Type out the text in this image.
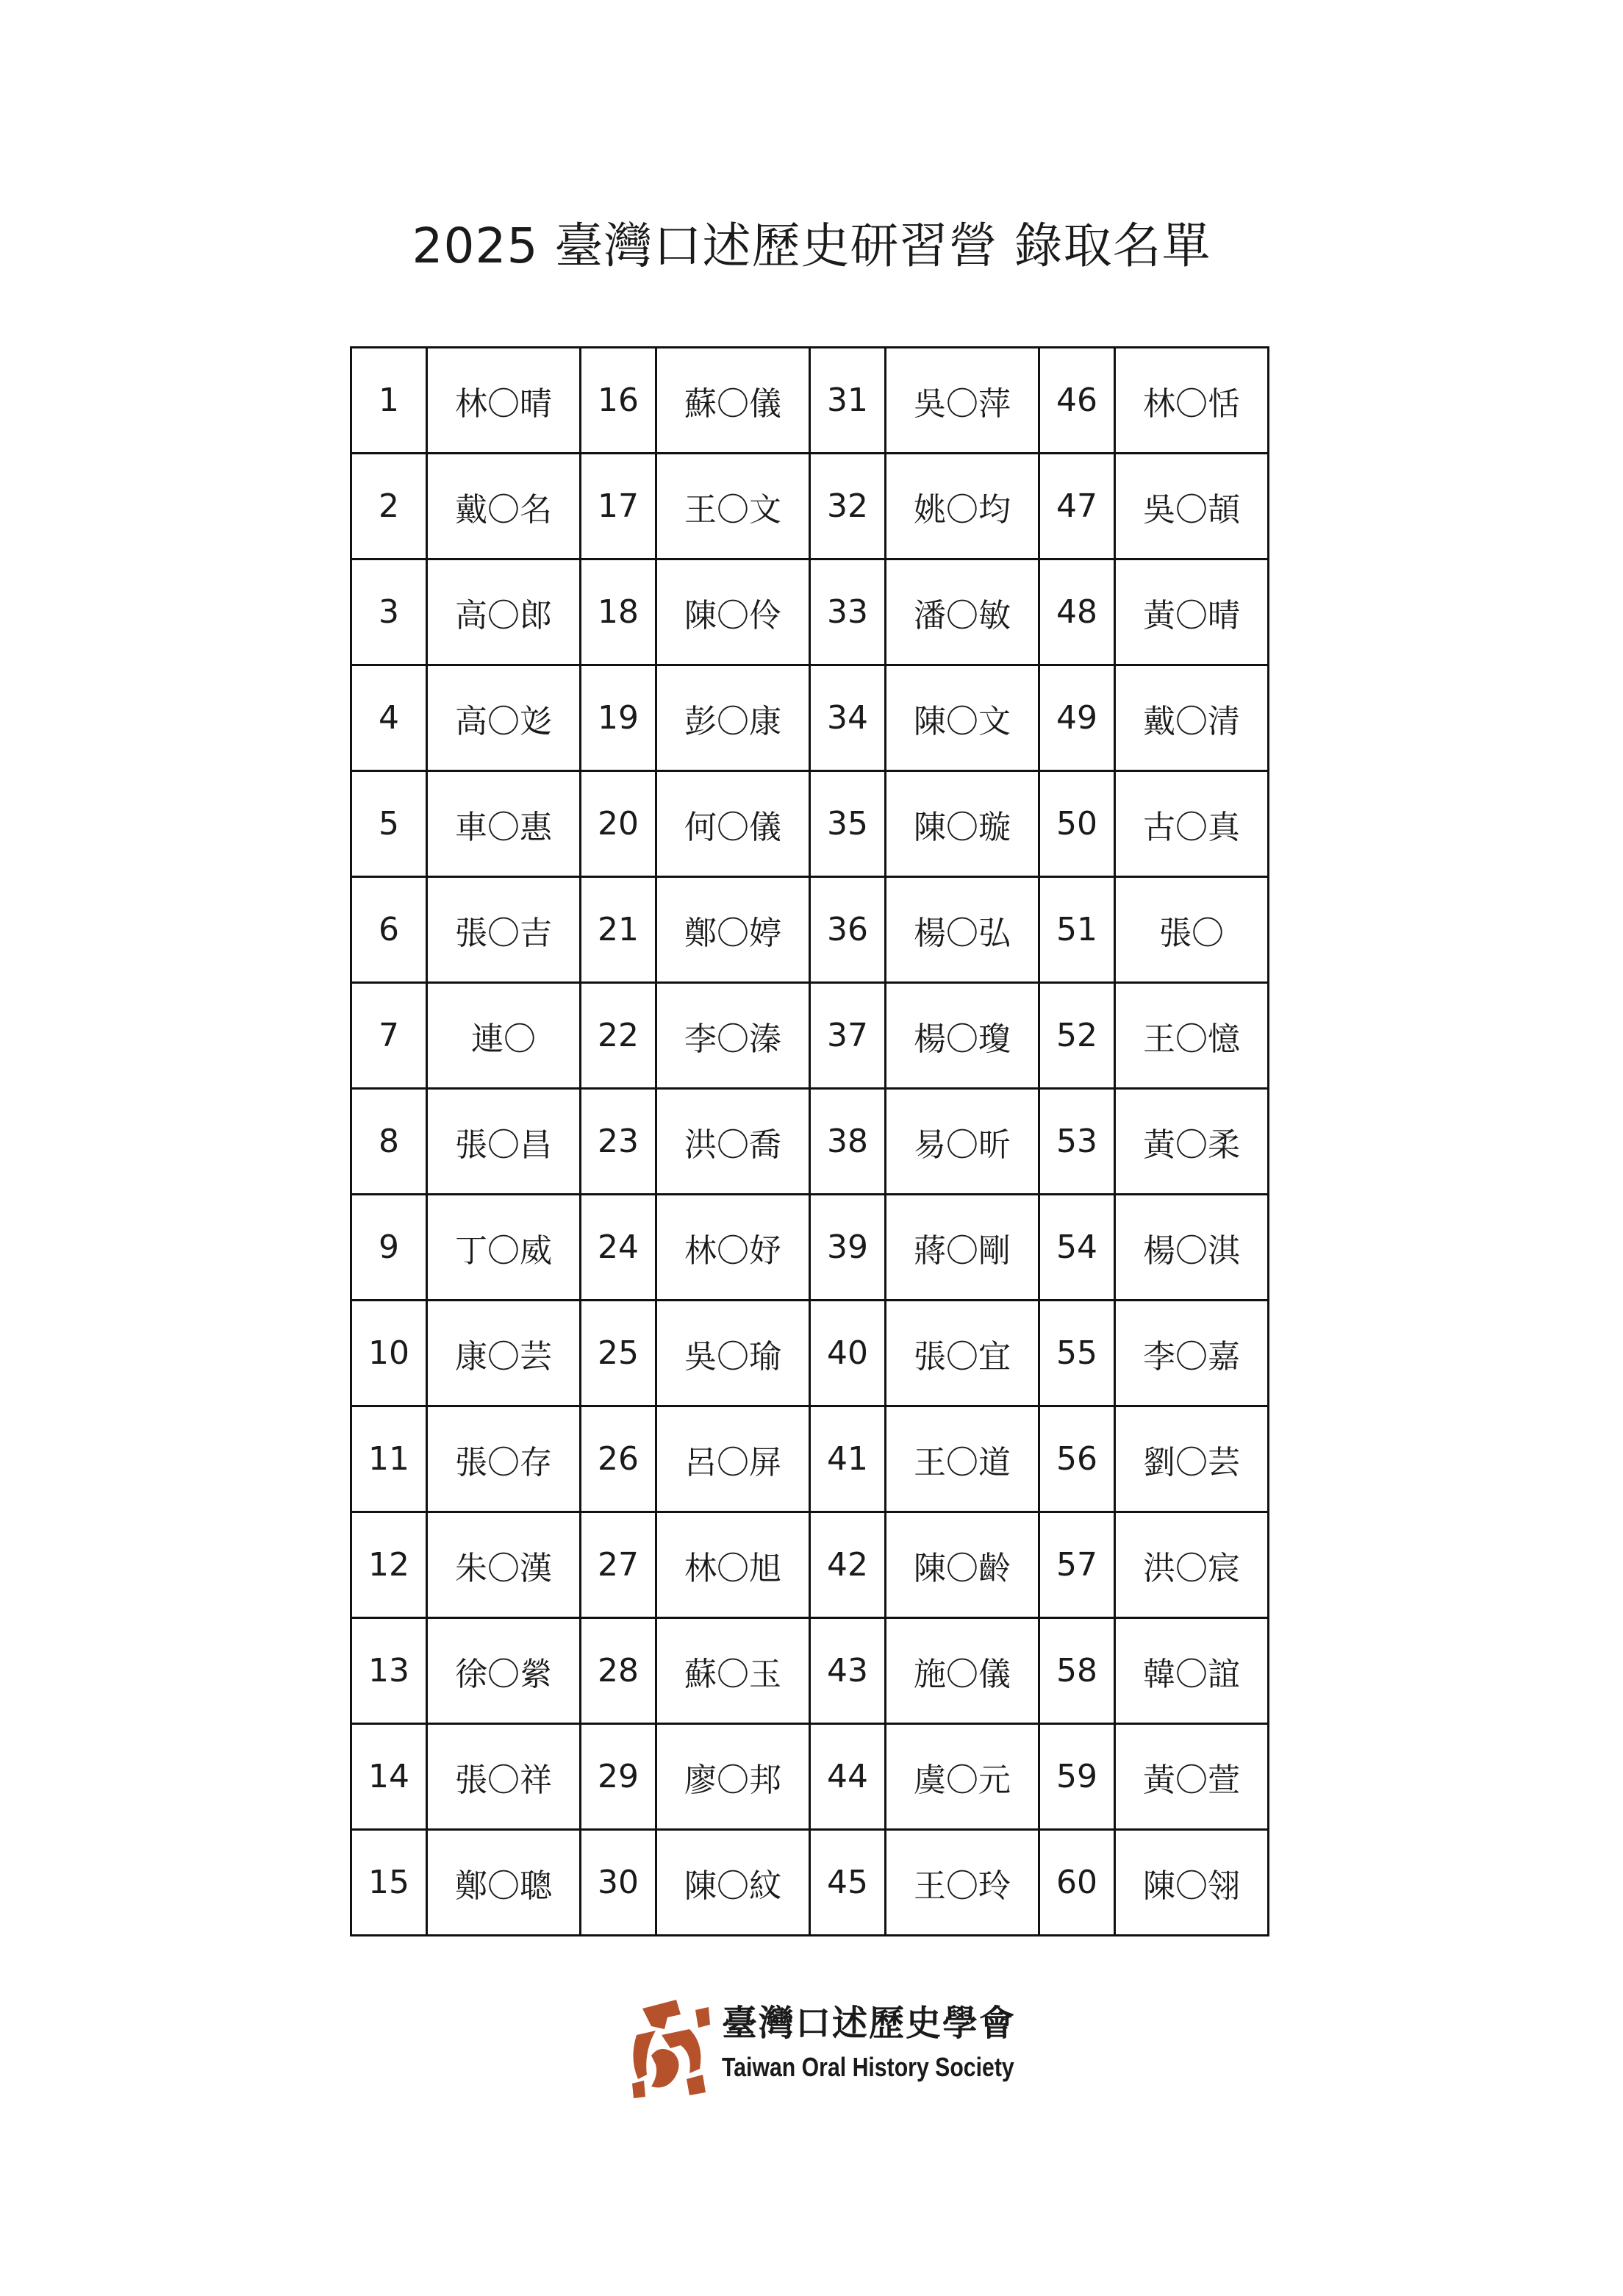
2025 臺灣口述歷史研習營 錄取名單
1	林〇晴	16	蘇〇儀	31	吳〇萍	46	林〇恬
2	戴〇名	17	王〇文	32	姚〇均	47	吳〇頡
3	高〇郎	18	陳〇伶	33	潘〇敏	48	黃〇晴
4	高〇彣	19	彭〇康	34	陳〇文	49	戴〇清
5	車〇惠	20	何〇儀	35	陳〇璇	50	古〇真
6	張〇吉	21	鄭〇婷	36	楊〇弘	51	張〇
7	連〇	22	李〇溱	37	楊〇瓊	52	王〇憶
8	張〇昌	23	洪〇喬	38	易〇昕	53	黃〇柔
9	丁〇威	24	林〇妤	39	蔣〇剛	54	楊〇淇
10	康〇芸	25	吳〇瑜	40	張〇宜	55	李〇嘉
11	張〇存	26	呂〇屏	41	王〇道	56	劉〇芸
12	朱〇漢	27	林〇旭	42	陳〇齡	57	洪〇宸
13	徐〇縈	28	蘇〇玉	43	施〇儀	58	韓〇誼
14	張〇祥	29	廖〇邦	44	虞〇元	59	黃〇萱
15	鄭〇聰	30	陳〇紋	45	王〇玲	60	陳〇翎
臺灣口述歷史學會
Taiwan Oral History Society
